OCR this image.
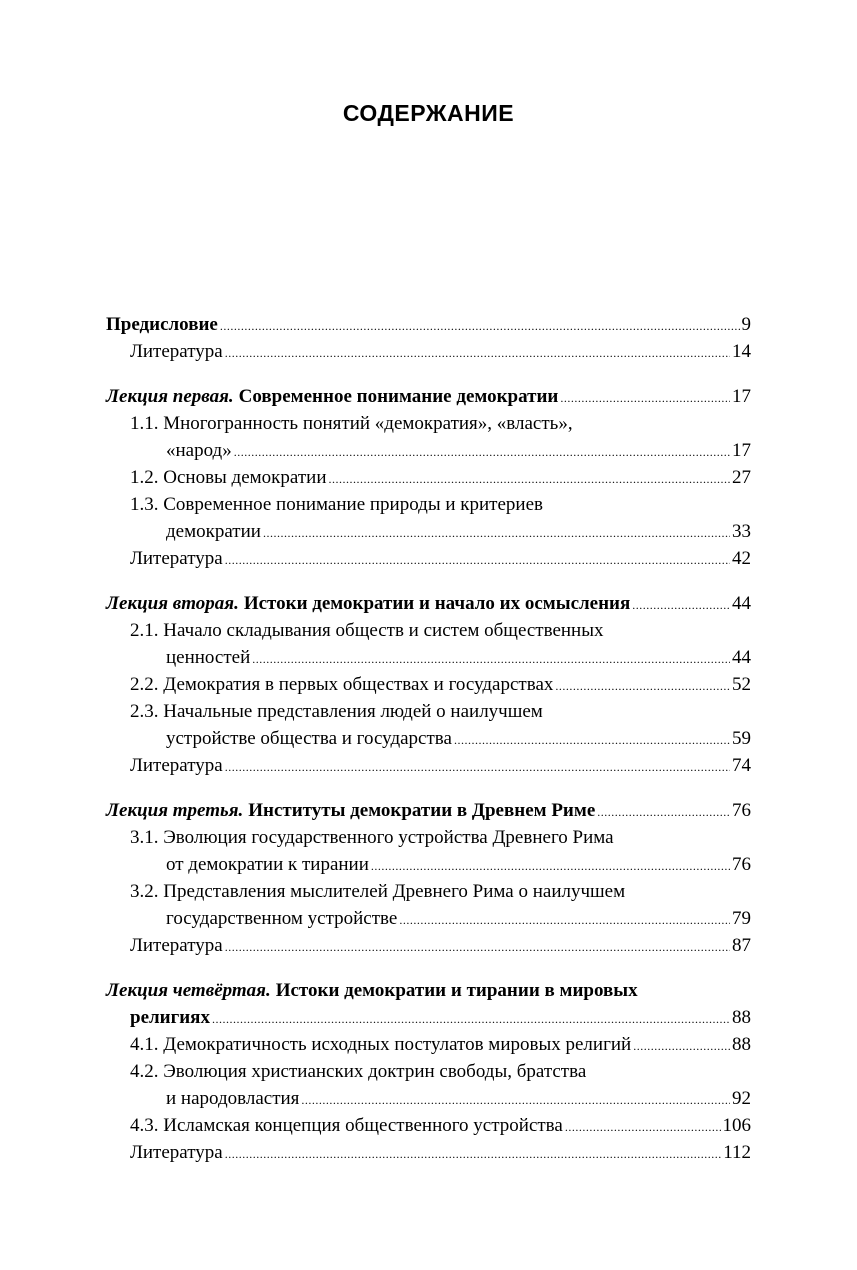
СОДЕРЖАНИЕ
Предисловие .....	9
Литература .....	14
Лекция первая. Современное понимание демократии .....	17
1.1. Многогранность понятий «демократия», «власть»,
«народ» .....	17
1.2. Основы демократии .....	27
1.3. Современное понимание природы и критериев
демократии .....	33
Литература .....	42
Лекция вторая. Истоки демократии и начало их осмысления .....	44
2.1. Начало складывания обществ и систем общественных
ценностей .....	44
2.2. Демократия в первых обществах и государствах .....	52
2.3. Начальные представления людей о наилучшем
устройстве общества и государства .....	59
Литература .....	74
Лекция третья. Институты демократии в Древнем Риме .....	76
3.1. Эволюция государственного устройства Древнего Рима
от демократии к тирании .....	76
3.2. Представления мыслителей Древнего Рима о наилучшем
государственном устройстве .....	79
Литература .....	87
Лекция четвёртая. Истоки демократии и тирании в мировых
религиях .....	88
4.1. Демократичность исходных постулатов мировых религий .....	88
4.2. Эволюция христианских доктрин свободы, братства
и народовластия .....	92
4.3. Исламская концепция общественного устройства .....	106
Литература .....	112
